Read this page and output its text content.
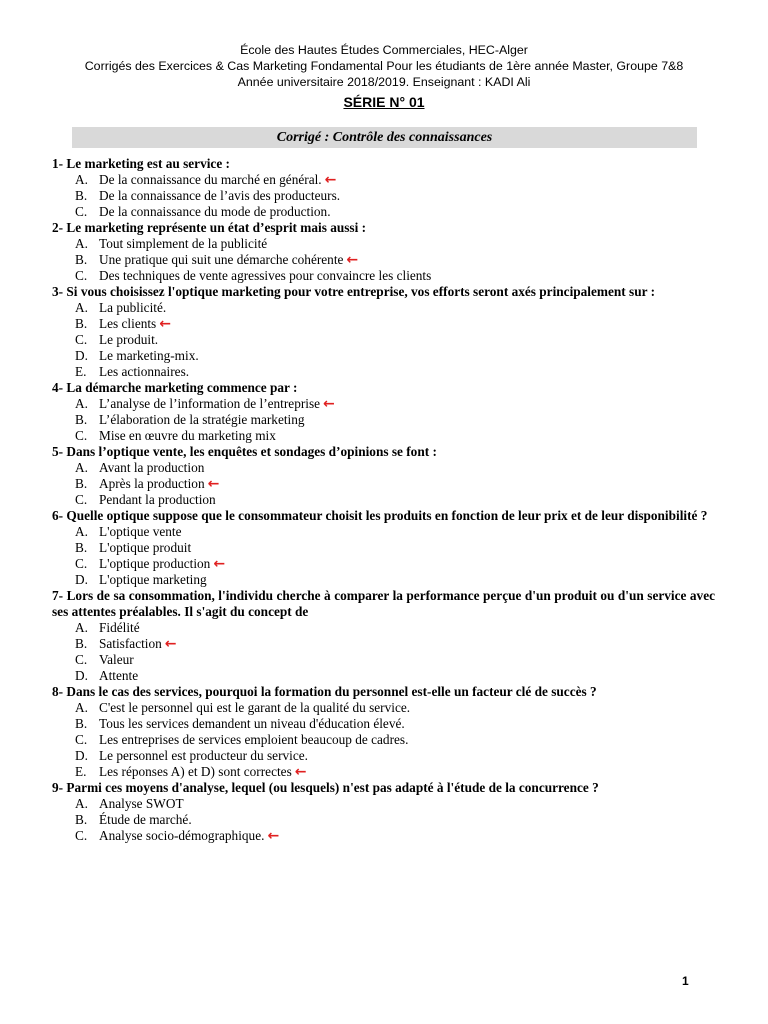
École des Hautes Études Commerciales, HEC-Alger
Corrigés des Exercices & Cas Marketing Fondamental Pour les étudiants de 1ère année Master, Groupe 7&8
Année universitaire 2018/2019. Enseignant : KADI Ali
SÉRIE N° 01
Corrigé : Contrôle des connaissances
1- Le marketing est au service :
A. De la connaissance du marché en général. ←
B. De la connaissance de l’avis des producteurs.
C. De la connaissance du mode de production.
2- Le marketing représente un état d’esprit mais aussi :
A. Tout simplement de la publicité
B. Une pratique qui suit une démarche cohérente ←
C. Des techniques de vente agressives pour convaincre les clients
3- Si vous choisissez l'optique marketing pour votre entreprise, vos efforts seront axés principalement sur :
A. La publicité.
B. Les clients ←
C. Le produit.
D. Le marketing-mix.
E. Les actionnaires.
4- La démarche marketing commence par :
A. L’analyse de l’information de l’entreprise ←
B. L’élaboration de la stratégie marketing
C. Mise en œuvre du marketing mix
5- Dans l’optique vente, les enquêtes et sondages d’opinions se font :
A. Avant la production
B. Après la production ←
C. Pendant la production
6- Quelle optique suppose que le consommateur choisit les produits en fonction de leur prix et de leur disponibilité ?
A. L'optique vente
B. L'optique produit
C. L'optique production ←
D. L'optique marketing
7- Lors de sa consommation, l'individu cherche à comparer la performance perçue d'un produit ou d'un service avec ses attentes préalables. Il s'agit du concept de
A. Fidélité
B. Satisfaction ←
C. Valeur
D. Attente
8- Dans le cas des services, pourquoi la formation du personnel est-elle un facteur clé de succès ?
A. C'est le personnel qui est le garant de la qualité du service.
B. Tous les services demandent un niveau d'éducation élevé.
C. Les entreprises de services emploient beaucoup de cadres.
D. Le personnel est producteur du service.
E. Les réponses A) et D) sont correctes ←
9- Parmi ces moyens d'analyse, lequel (ou lesquels) n'est pas adapté à l'étude de la concurrence ?
A. Analyse SWOT
B. Étude de marché.
C. Analyse socio-démographique. ←
1
